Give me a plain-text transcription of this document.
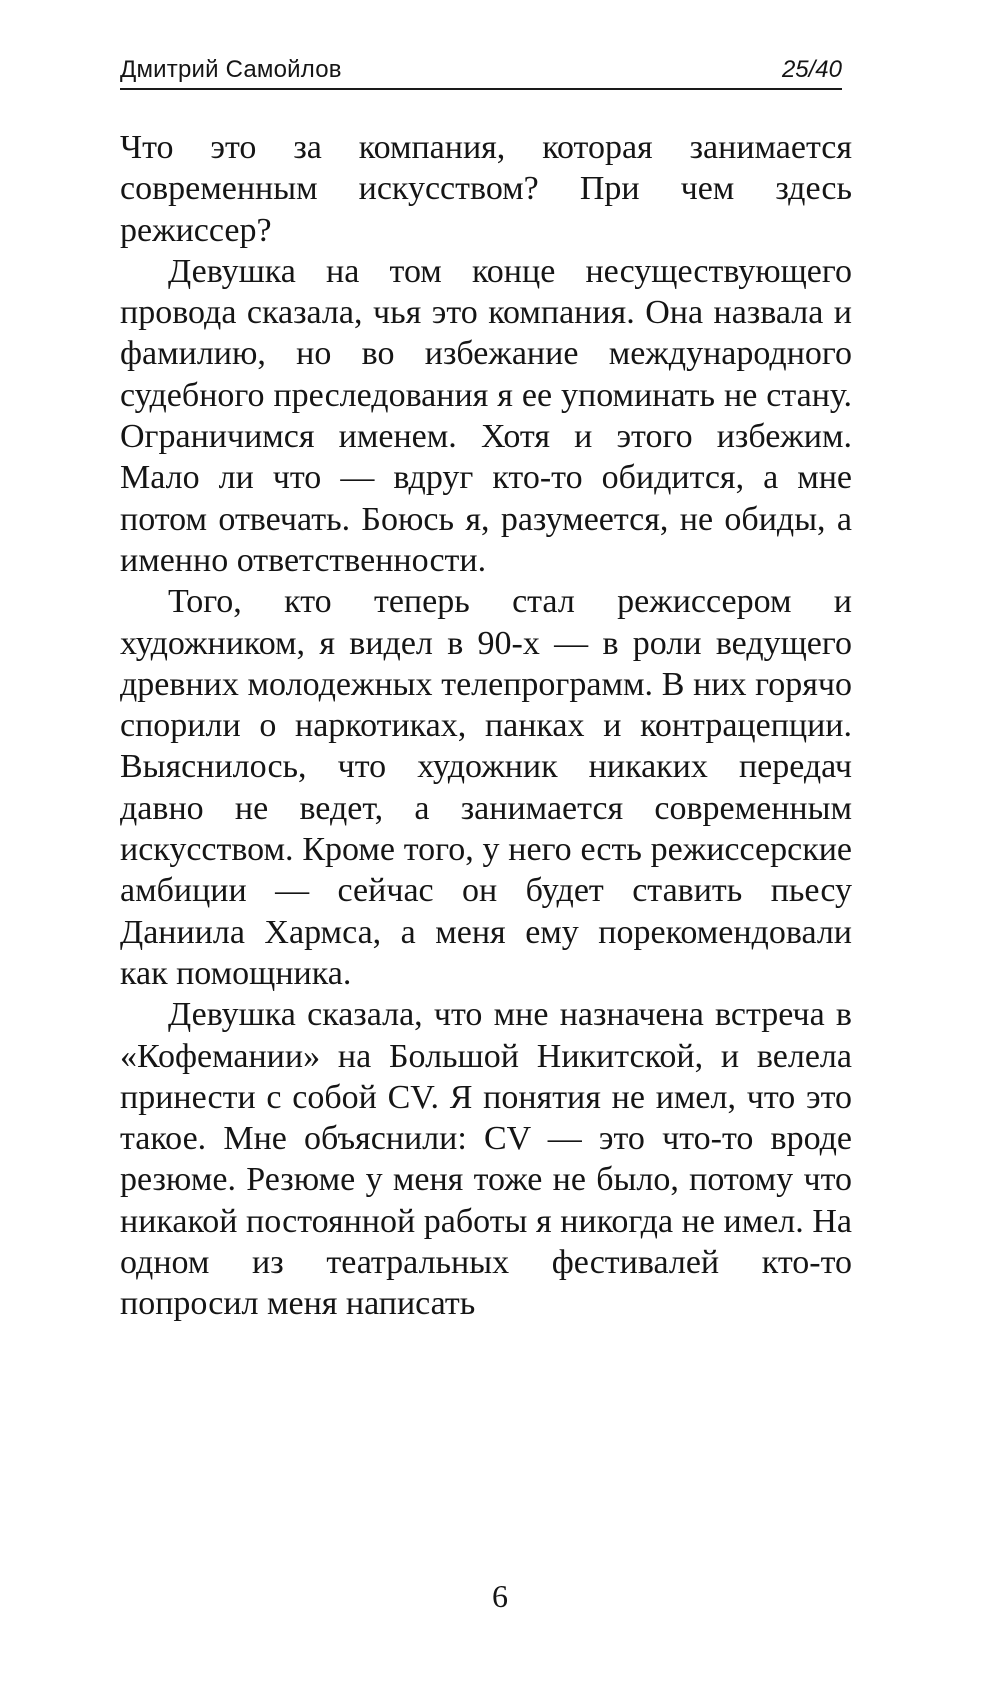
Дмитрий Самойлов	25/40

Что это за компания, которая занимается современным искусством? При чем здесь режиссер?

Девушка на том конце несуществующего провода сказала, чья это компания. Она назвала и фамилию, но во избежание международного судебного преследования я ее упоминать не стану. Ограничимся именем. Хотя и этого избежим. Мало ли что — вдруг кто-то обидится, а мне потом отвечать. Боюсь я, разумеется, не обиды, а именно ответственности.

Того, кто теперь стал режиссером и художником, я видел в 90-х — в роли ведущего древних молодежных телепрограмм. В них горячо спорили о наркотиках, панках и контрацепции. Выяснилось, что художник никаких передач давно не ведет, а занимается современным искусством. Кроме того, у него есть режиссерские амбиции — сейчас он будет ставить пьесу Даниила Хармса, а меня ему порекомендовали как помощника.

Девушка сказала, что мне назначена встреча в «Кофемании» на Большой Никитской, и велела принести с собой CV. Я понятия не имел, что это такое. Мне объяснили: CV — это что-то вроде резюме. Резюме у меня тоже не было, потому что никакой постоянной работы я никогда не имел. На одном из театральных фестивалей кто-то попросил меня написать

6
